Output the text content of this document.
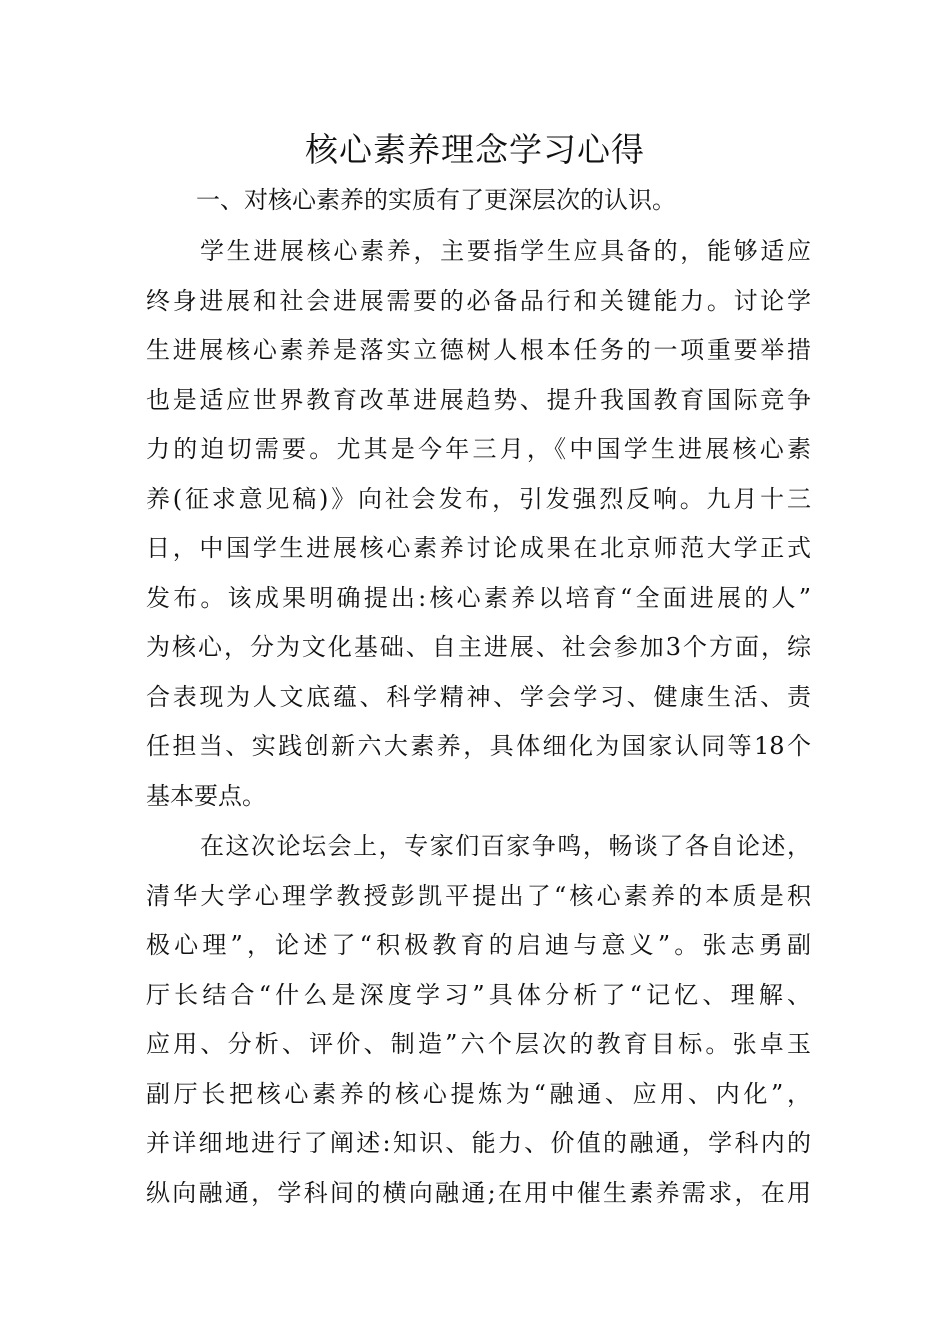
核心素养理念学习心得

一、对核心素养的实质有了更深层次的认识。

学生进展核心素养，主要指学生应具备的，能够适应
终身进展和社会进展需要的必备品行和关键能力。讨论学
生进展核心素养是落实立德树人根本任务的一项重要举措
也是适应世界教育改革进展趋势、提升我国教育国际竞争
力的迫切需要。尤其是今年三月，《中国学生进展核心素
养(征求意见稿)》向社会发布，引发强烈反响。九月十三
日，中国学生进展核心素养讨论成果在北京师范大学正式
发布。该成果明确提出:核心素养以培育“全面进展的人”
为核心，分为文化基础、自主进展、社会参加3个方面，综
合表现为人文底蕴、科学精神、学会学习、健康生活、责
任担当、实践创新六大素养，具体细化为国家认同等18个
基本要点。
在这次论坛会上，专家们百家争鸣，畅谈了各自论述，
清华大学心理学教授彭凯平提出了“核心素养的本质是积
极心理”，论述了“积极教育的启迪与意义”。张志勇副
厅长结合“什么是深度学习”具体分析了“记忆、理解、
应用、分析、评价、制造”六个层次的教育目标。张卓玉
副厅长把核心素养的核心提炼为“融通、应用、内化”，
并详细地进行了阐述:知识、能力、价值的融通，学科内的
纵向融通，学科间的横向融通;在用中催生素养需求，在用
